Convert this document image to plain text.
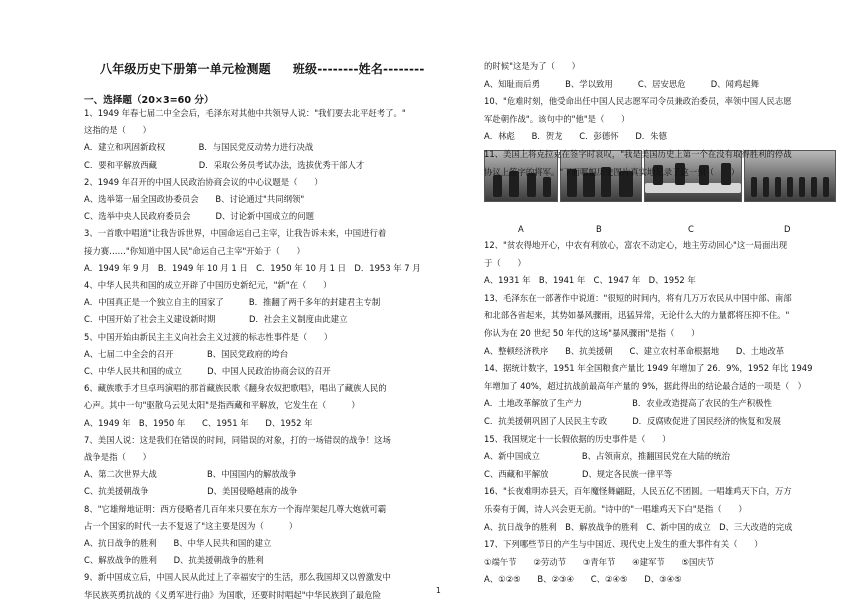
八年级历史下册第一单元检测题 班级--------姓名--------
一、选择题（20×3=60 分）
1、1949 年春七届二中全会后，毛泽东对其他中共领导人说："我们要去北平赶考了。"
这指的是（　　）
A．建立和巩固新政权　　　　B．与国民党反动势力进行决战
C．要和平解放西藏　　　　　D．采取公务员考试办法，选拔优秀干部人才
2、1949 年召开的中国人民政治协商会议的中心议题是（　　）
A、选举第一届全国政协委员会　　B、讨论通过"共同纲领"
C、选举中央人民政府委员会　　　D、讨论新中国成立的问题
3、一首歌中唱道"让我告诉世界，中国命运自己主宰，让我告诉未来，中国进行着
接力赛……"你知道中国人民"命运自己主宰"开始于（　　）
A．1949 年 9 月　B．1949 年 10 月 1 日　C．1950 年 10 月 1 日　D．1953 年 7 月
4、中华人民共和国的成立开辟了中国历史新纪元，"新"在（　　）
A．中国真正是一个独立自主的国家了　　　B．推翻了两千多年的封建君主专制
C．中国开始了社会主义建设新时期　　　　D．社会主义制度由此建立
5、中国开始由新民主主义向社会主义过渡的标志性事件是（　　）
A、七届二中全会的召开　　　　B、国民党政府的垮台
C、中华人民共和国的成立　　　D、中国人民政治协商会议的召开
6、藏族歌手才旦卓玛演唱的那首藏族民歌《翻身农奴把歌唱》，唱出了藏族人民的
心声。其中一句"驱散乌云见太阳"是指西藏和平解放，它发生在（　　　）
A、1949 年　B、1950 年　　C、1951 年　　D、1952 年
7、美国人说：这是我们在错误的时间，同错误的对象，打的一场错误的战争！这场
战争是指（　　）
A、第二次世界大战　　　　　　B、中国国内的解放战争
C、抗美援朝战争　　　　　　　D、美国侵略越南的战争
8、"它雄辩地证明：西方侵略者几百年来只要在东方一个海岸架起几尊大炮就可霸
占一个国家的时代一去不复返了"这主要是因为（　　　）
A、抗日战争的胜利　　B、中华人民共和国的建立
C、解放战争的胜利　　D、抗美援朝战争的胜利
9、新中国成立后，中国人民从此过上了幸福安宁的生活，那么我国却又以曾激发中
华民族英勇抗战的《义勇军进行曲》为国歌，还要时时唱起"中华民族到了最危险
A	B	C	D
的时候"这是为了（　　）
A、知耻而后勇　　　B、学以致用　　　C、居安思危　　　D、闻鸡起舞
10、"危难时刻，他受命出任中国人民志愿军司令员兼政治委员，率领中国人民志愿
军赴朝作战"。该句中的"他"是（　　）
A．林彪　　B．贺龙　　C．彭德怀　　D．朱德
11、美国上将克拉克在签字时哀叹，"我是美国历史上第一个在没有取得胜利的停战
协议上签字的将军。"下面哪幅历史图片真实地记录了这一刻（　　）
12、"贫农得地开心，中农有利放心，富农不动定心，地主劳动回心"这一局面出现
于（　　）
A、1931 年　B、1941 年　C、1947 年　D、1952 年
13、毛泽东在一部著作中说道："很短的时间内，将有几万万农民从中国中部、南部
和北部各省起来，其势如暴风骤雨，迅猛异常，无论什么大的力量都将压抑不住。"
你认为在 20 世纪 50 年代的这场"暴风骤雨"是指（　　）
A、整顿经济秩序　　B、抗美援朝　　C、建立农村革命根据地　　D、土地改革
14、据统计数字，1951 年全国粮食产量比 1949 年增加了 26．9%，1952 年比 1949
年增加了 40%，超过抗战前最高年产量的 9%，据此得出的结论最合适的一项是（　）
A．土地改革解放了生产力　　　　　　B．农业改造提高了农民的生产积极性
C．抗美援朝巩固了人民民主专政　　　D．反腐败促进了国民经济的恢复和发展
15、我国规定十一长假依据的历史事件是（　　）
A、新中国成立　　　　　B、占领南京，推翻国民党在大陆的统治
C、西藏和平解放　　　　D、规定各民族一律平等
16、"长夜难明赤县天，百年魔怪舞翩跹，人民五亿不团圆。一唱雄鸡天下白，万方
乐奏有于阗，诗人兴会更无前。"诗中的"一唱雄鸡天下白"是指（　　）
A、抗日战争的胜利　B、解放战争的胜利　C、新中国的成立　D、三大改造的完成
17、下列哪些节日的产生与中国近、现代史上发生的重大事件有关（　　）
①端午节　　②劳动节　　③青年节　　④建军节　　⑤国庆节
A、①②⑤　　B、②③④　　C、②④⑤　　D、③④⑤
1
